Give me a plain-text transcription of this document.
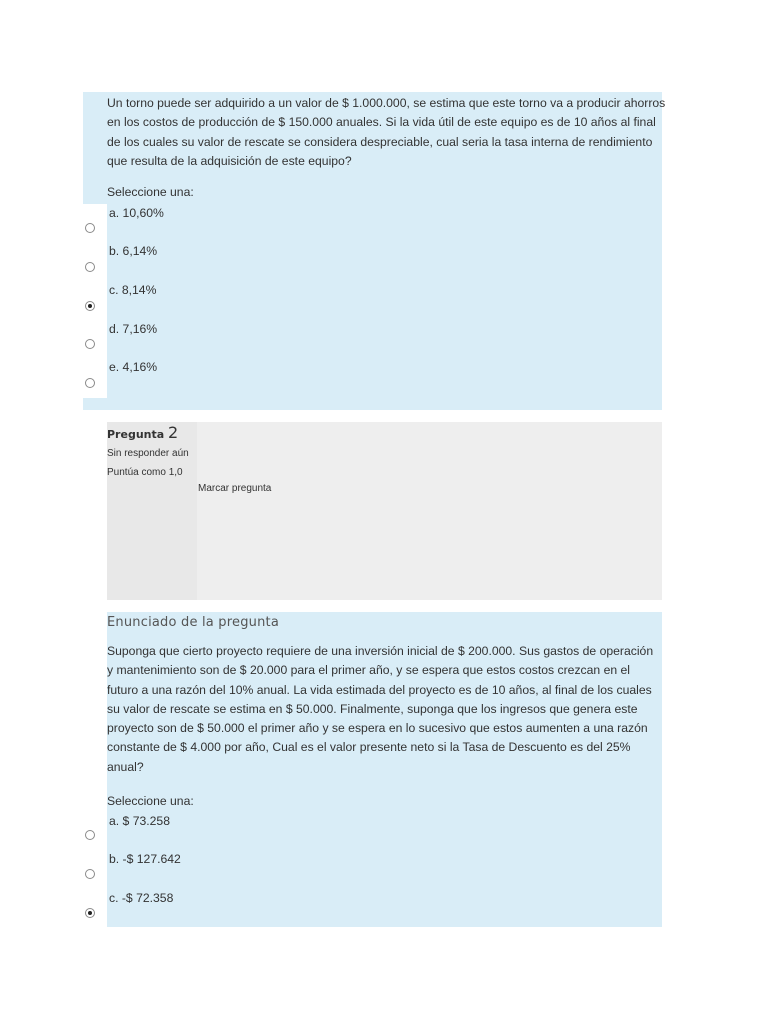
Un torno puede ser adquirido a un valor de $ 1.000.000, se estima que este torno va a producir ahorros en los costos de producción de $ 150.000 anuales. Si la vida útil de este equipo es de 10 años al final de los cuales su valor de rescate se considera despreciable, cual seria la tasa interna de rendimiento que resulta de la adquisición de este equipo?

Seleccione una:
a. 10,60%
b. 6,14%
c. 8,14%
d. 7,16%
e. 4,16%
Pregunta 2
Sin responder aún
Puntúa como 1,0
Marcar pregunta
Enunciado de la pregunta

Suponga que cierto proyecto requiere de una inversión inicial de $ 200.000. Sus gastos de operación y mantenimiento son de $ 20.000 para el primer año, y se espera que estos costos crezcan en el futuro a una razón del 10% anual. La vida estimada del proyecto es de 10 años, al final de los cuales su valor de rescate se estima en $ 50.000. Finalmente, suponga que los ingresos que genera este proyecto son de $ 50.000 el primer año y se espera en lo sucesivo que estos aumenten a una razón constante de $ 4.000 por año, Cual es el valor presente neto si la Tasa de Descuento es del 25% anual?

Seleccione una:
a. $ 73.258
b. -$ 127.642
c. -$ 72.358
